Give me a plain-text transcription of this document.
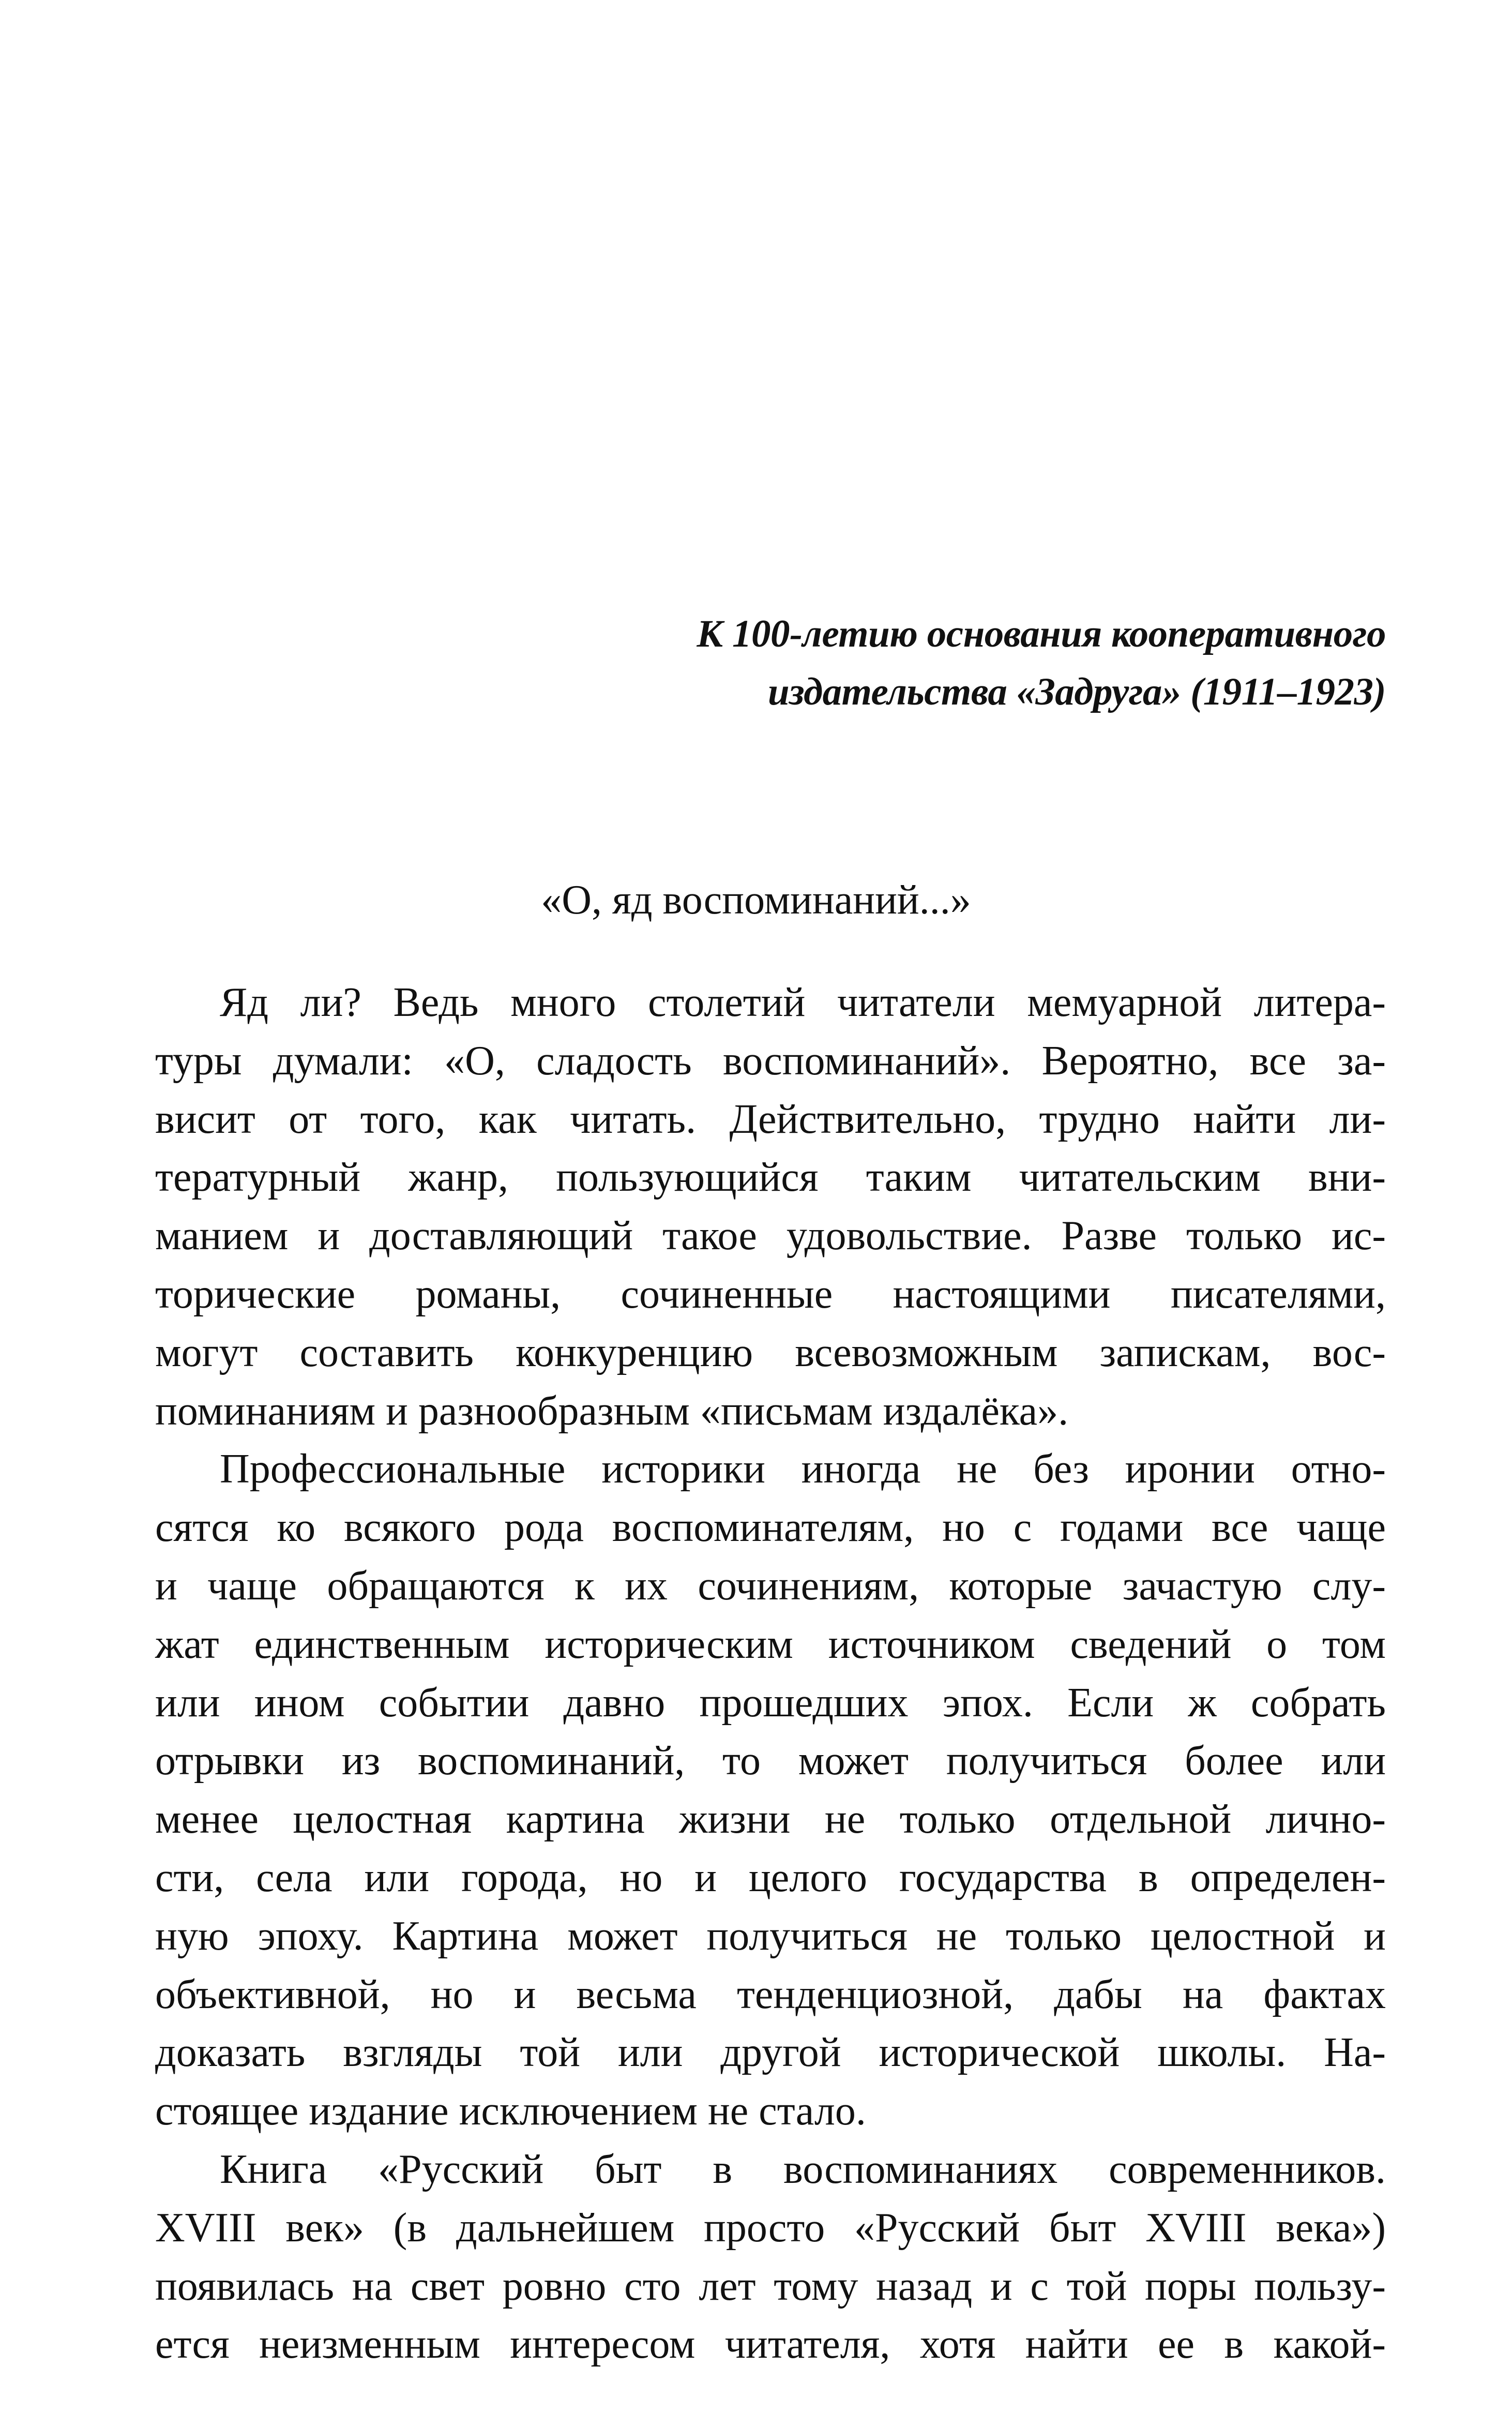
К 100-летию основания кооперативного
издательства «Задруга» (1911–1923)
«О, яд воспоминаний...»
Яд ли? Ведь много столетий читатели мемуарной литера-
туры думали: «О, сладость воспоминаний». Вероятно, все за-
висит от того, как читать. Действительно, трудно найти ли-
тературный жанр, пользующийся таким читательским вни-
манием и доставляющий такое удовольствие. Разве только ис-
торические романы, сочиненные настоящими писателями,
могут составить конкуренцию всевозможным запискам, вос-
поминаниям и разнообразным «письмам издалёка».
Профессиональные историки иногда не без иронии отно-
сятся ко всякого рода воспоминателям, но с годами все чаще
и чаще обращаются к их сочинениям, которые зачастую слу-
жат единственным историческим источником сведений о том
или ином событии давно прошедших эпох. Если ж собрать
отрывки из воспоминаний, то может получиться более или
менее целостная картина жизни не только отдельной лично-
сти, села или города, но и целого государства в определен-
ную эпоху. Картина может получиться не только целостной и
объективной, но и весьма тенденциозной, дабы на фактах
доказать взгляды той или другой исторической школы. На-
стоящее издание исключением не стало.
Книга «Русский быт в воспоминаниях современников.
XVIII век» (в дальнейшем просто «Русский быт XVIII века»)
появилась на свет ровно сто лет тому назад и с той поры пользу-
ется неизменным интересом читателя, хотя найти ее в какой-
